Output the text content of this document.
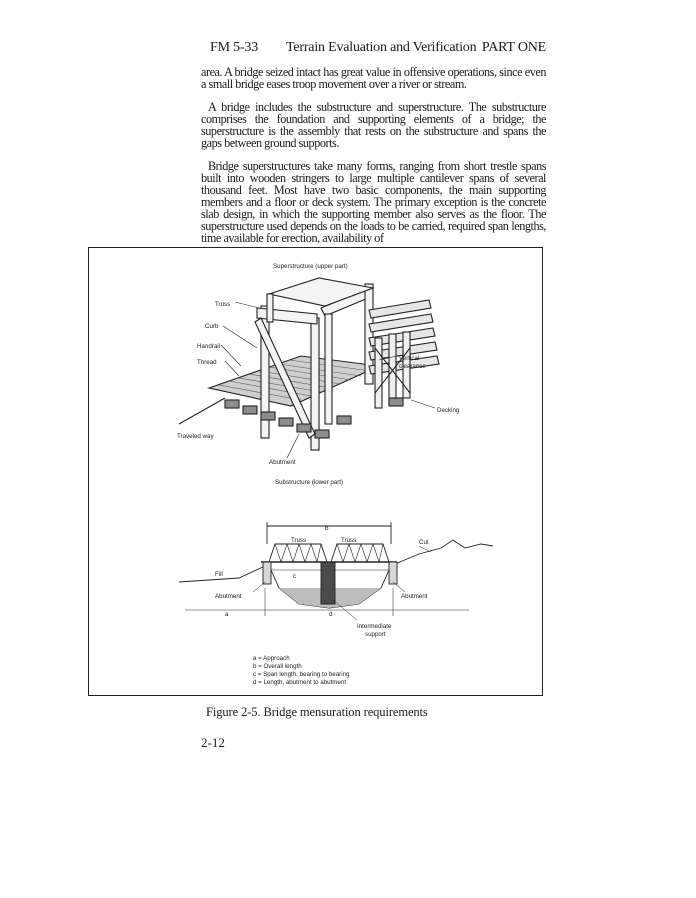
FM 5-33 Terrain Evaluation and Verification PART ONE

area. A bridge seized intact has great value in offensive operations, since even a small bridge eases troop movement over a river or stream.

A bridge includes the substructure and superstructure. The substructure comprises the foundation and supporting elements of a bridge; the superstructure is the assembly that rests on the substructure and spans the gaps between ground supports.

Bridge superstructures take many forms, ranging from short trestle spans built into wooden stringers to large multiple cantilever spans of several thousand feet. Most have two basic components, the main supporting members and a floor or deck system. The primary exception is the concrete slab design, in which the supporting member also serves as the floor. The superstructure used depends on the loads to be carried, required span lengths, time available for erection, availability of

Superstructure (upper part)
Truss
Curb
Handrail
Thread
Vertical clearance
Decking
Traveled way
Abutment
Substructure (lower part)
b
Truss	Truss	Cut
Fill	c
Abutment	Abutment
a	d
Intermediate support
a = Approach
b = Overall length
c = Span length, bearing to bearing
d = Length, abutment to abutment
Figure 2-5. Bridge mensuration requirements
2-12
